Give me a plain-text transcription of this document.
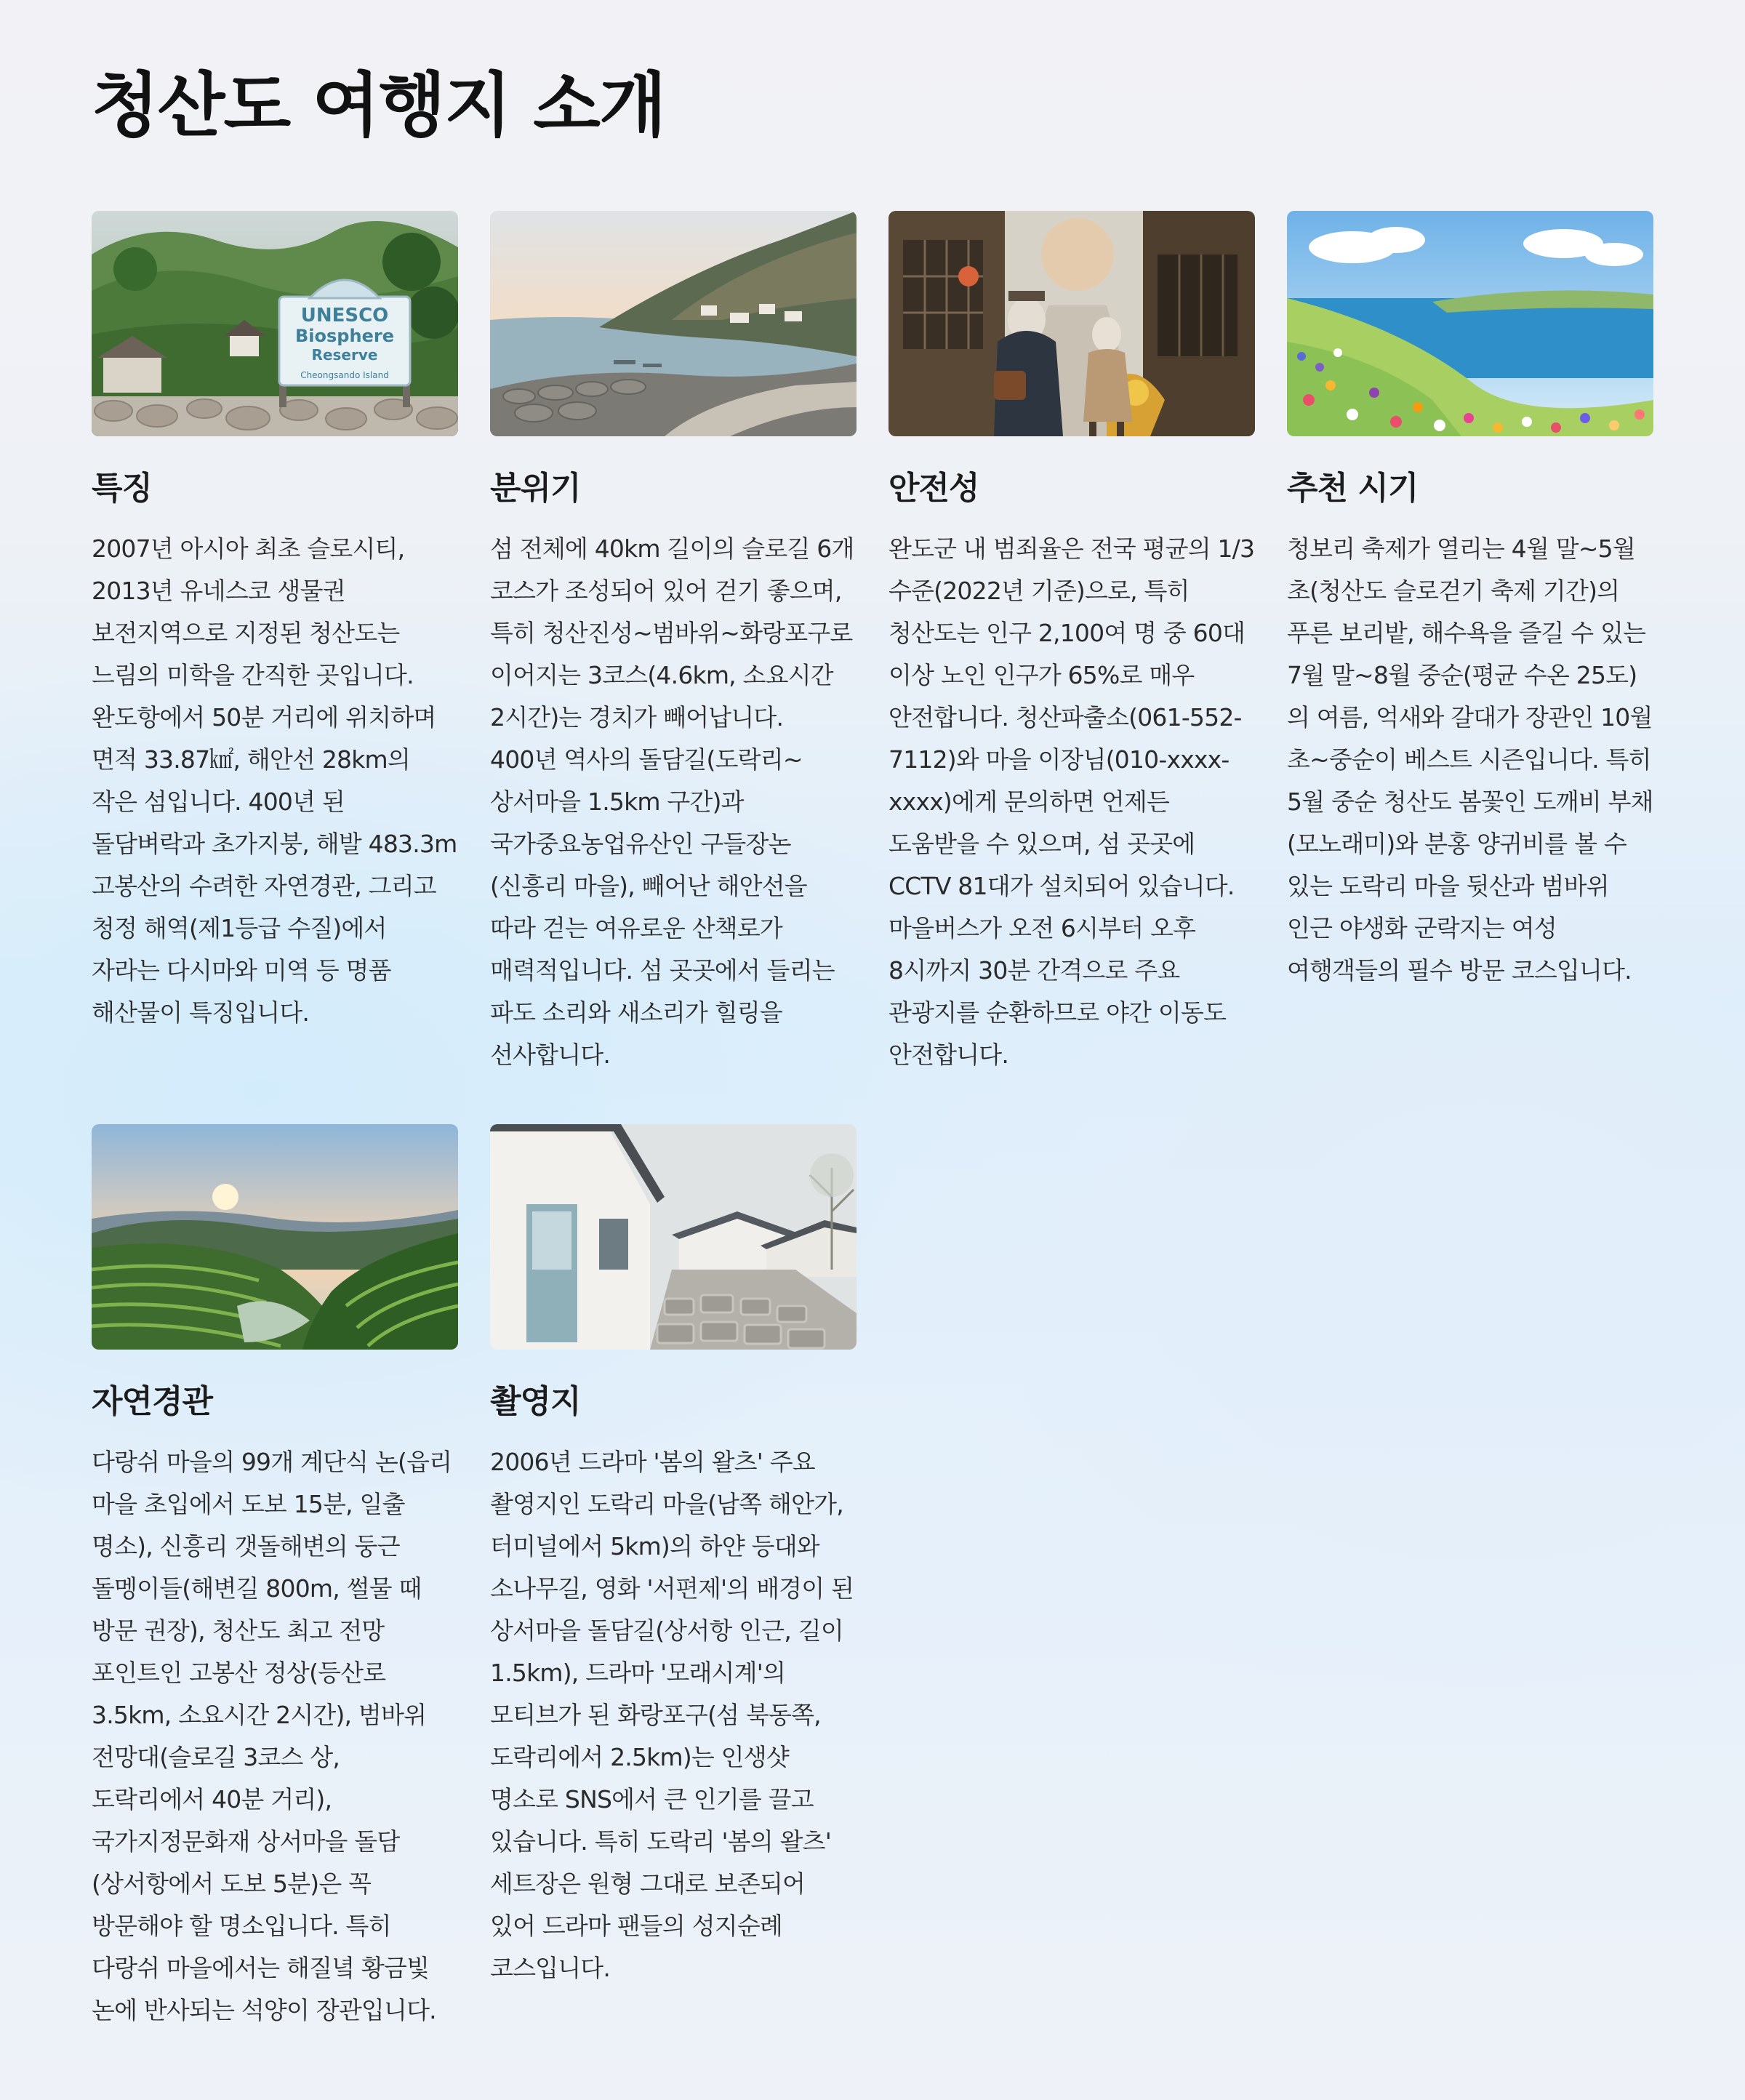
청산도 여행지 소개
UNESCO
Biosphere
Reserve
Cheongsando Island
특징

2007년 아시아 최초 슬로시티, 2013년 유네스코 생물권 보전지역으로 지정된 청산도는 느림의 미학을 간직한 곳입니다. 완도항에서 50분 거리에 위치하며 면적 33.87㎢, 해안선 28km의 작은 섬입니다. 400년 된 돌담벼락과 초가지붕, 해발 483.3m 고봉산의 수려한 자연경관, 그리고 청정 해역(제1등급 수질)에서 자라는 다시마와 미역 등 명품 해산물이 특징입니다.

분위기

섬 전체에 40km 길이의 슬로길 6개 코스가 조성되어 있어 걷기 좋으며, 특히 청산진성~범바위~화랑포구로 이어지는 3코스(4.6km, 소요시간 2시간)는 경치가 빼어납니다. 400년 역사의 돌담길(도락리~상서마을 1.5km 구간)과 국가중요농업유산인 구들장논(신흥리 마을), 빼어난 해안선을 따라 걷는 여유로운 산책로가 매력적입니다. 섬 곳곳에서 들리는 파도 소리와 새소리가 힐링을 선사합니다.

안전성

완도군 내 범죄율은 전국 평균의 1/3 수준(2022년 기준)으로, 특히 청산도는 인구 2,100여 명 중 60대 이상 노인 인구가 65%로 매우 안전합니다. 청산파출소(061-552-7112)와 마을 이장님(010-xxxx-xxxx)에게 문의하면 언제든 도움받을 수 있으며, 섬 곳곳에 CCTV 81대가 설치되어 있습니다. 마을버스가 오전 6시부터 오후 8시까지 30분 간격으로 주요 관광지를 순환하므로 야간 이동도 안전합니다.

추천 시기

청보리 축제가 열리는 4월 말~5월 초(청산도 슬로걷기 축제 기간)의 푸른 보리밭, 해수욕을 즐길 수 있는 7월 말~8월 중순(평균 수온 25도)의 여름, 억새와 갈대가 장관인 10월 초~중순이 베스트 시즌입니다. 특히 5월 중순 청산도 봄꽃인 도깨비 부채(모노래미)와 분홍 양귀비를 볼 수 있는 도락리 마을 뒷산과 범바위 인근 야생화 군락지는 여성 여행객들의 필수 방문 코스입니다.

자연경관

다랑쉬 마을의 99개 계단식 논(읍리 마을 초입에서 도보 15분, 일출 명소), 신흥리 갯돌해변의 둥근 돌멩이들(해변길 800m, 썰물 때 방문 권장), 청산도 최고 전망 포인트인 고봉산 정상(등산로 3.5km, 소요시간 2시간), 범바위 전망대(슬로길 3코스 상, 도락리에서 40분 거리), 국가지정문화재 상서마을 돌담(상서항에서 도보 5분)은 꼭 방문해야 할 명소입니다. 특히 다랑쉬 마을에서는 해질녘 황금빛 논에 반사되는 석양이 장관입니다.

촬영지

2006년 드라마 '봄의 왈츠' 주요 촬영지인 도락리 마을(남쪽 해안가, 터미널에서 5km)의 하얀 등대와 소나무길, 영화 '서편제'의 배경이 된 상서마을 돌담길(상서항 인근, 길이 1.5km), 드라마 '모래시계'의 모티브가 된 화랑포구(섬 북동쪽, 도락리에서 2.5km)는 인생샷 명소로 SNS에서 큰 인기를 끌고 있습니다. 특히 도락리 '봄의 왈츠' 세트장은 원형 그대로 보존되어 있어 드라마 팬들의 성지순례 코스입니다.
